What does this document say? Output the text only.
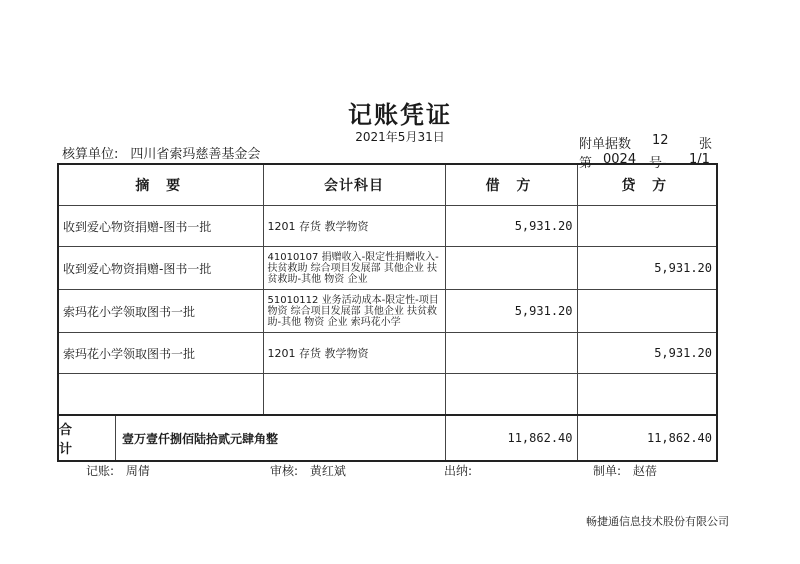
记账凭证
2021年5月31日
核算单位: 四川省索玛慈善基金会
附单据数 12 张
第 0024 号- 1/1
摘 要	会计科目	借 方	贷 方
收到爱心物资捐赠-图书一批	1201 存货 教学物资	5,931.20	
收到爱心物资捐赠-图书一批	41010107 捐赠收入-限定性捐赠收入-扶贫救助 综合项目发展部 其他企业 扶贫救助-其他 物资 企业		5,931.20
索玛花小学领取图书一批	51010112 业务活动成本-限定性-项目物资 综合项目发展部 其他企业 扶贫救助-其他 物资 企业 索玛花小学	5,931.20	
索玛花小学领取图书一批	1201 存货 教学物资		5,931.20

合 计
壹万壹仟捌佰陆拾贰元肆角整		11,862.40	11,862.40
记账: 周倩	审核: 黄红斌	出纳:	制单: 赵蓓
畅捷通信息技术股份有限公司
